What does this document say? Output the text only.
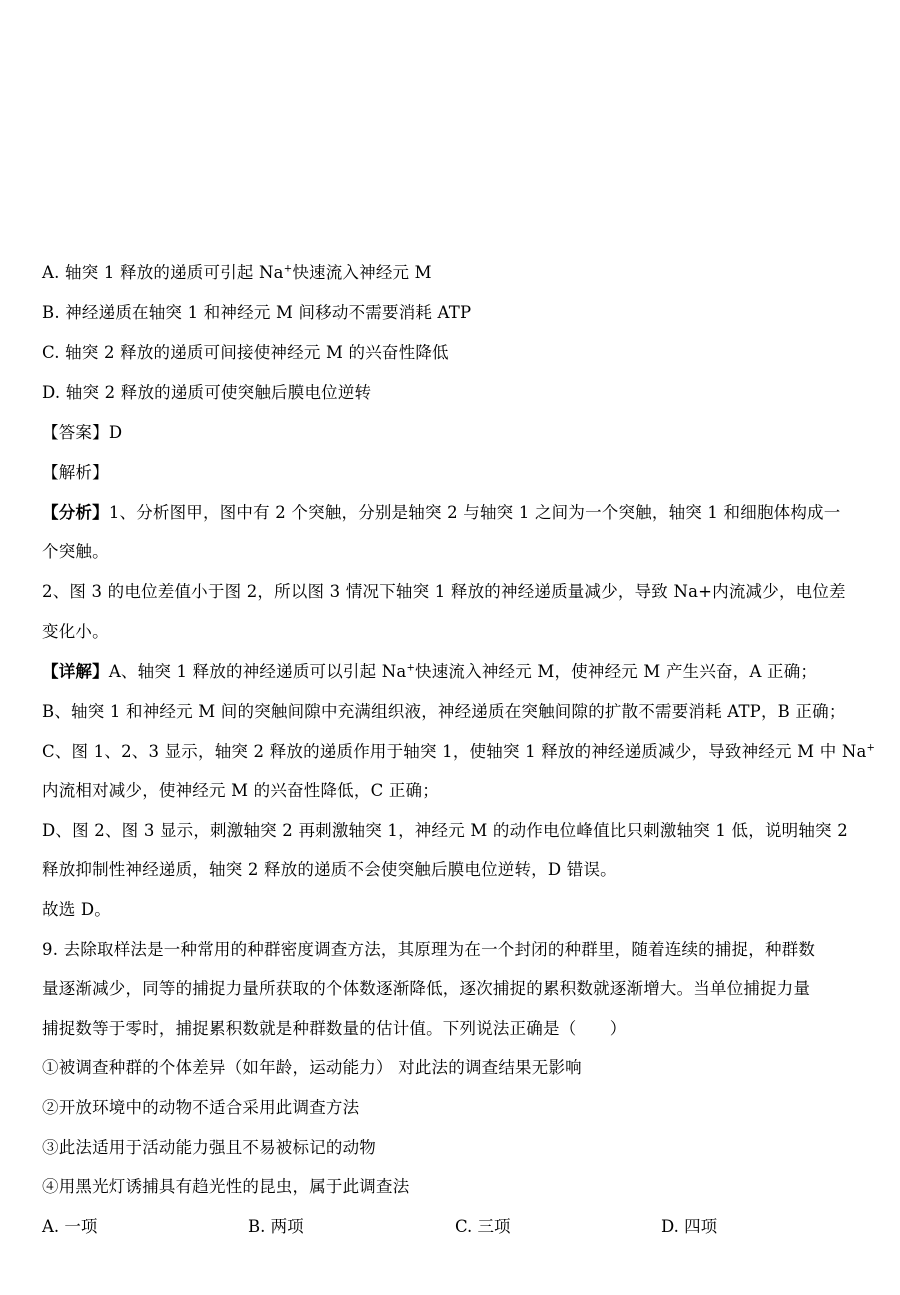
A. 轴突 1 释放的递质可引起 Na+快速流入神经元 M
B. 神经递质在轴突 1 和神经元 M 间移动不需要消耗 ATP
C. 轴突 2 释放的递质可间接使神经元 M 的兴奋性降低
D. 轴突 2 释放的递质可使突触后膜电位逆转
【答案】D
【解析】
【分析】1、分析图甲，图中有 2 个突触，分别是轴突 2 与轴突 1 之间为一个突触，轴突 1 和细胞体构成一
个突触。
2、图 3 的电位差值小于图 2，所以图 3 情况下轴突 1 释放的神经递质量减少，导致 Na+内流减少，电位差
变化小。
【详解】A、轴突 1 释放的神经递质可以引起 Na+快速流入神经元 M，使神经元 M 产生兴奋，A 正确；
B、轴突 1 和神经元 M 间的突触间隙中充满组织液，神经递质在突触间隙的扩散不需要消耗 ATP，B 正确；
C、图 1、2、3 显示，轴突 2 释放的递质作用于轴突 1，使轴突 1 释放的神经递质减少，导致神经元 M 中 Na+
内流相对减少，使神经元 M 的兴奋性降低，C 正确；
D、图 2、图 3 显示，刺激轴突 2 再刺激轴突 1，神经元 M 的动作电位峰值比只刺激轴突 1 低，说明轴突 2
释放抑制性神经递质，轴突 2 释放的递质不会使突触后膜电位逆转，D 错误。
故选 D。
9. 去除取样法是一种常用的种群密度调查方法，其原理为在一个封闭的种群里，随着连续的捕捉，种群数
量逐渐减少，同等的捕捉力量所获取的个体数逐渐降低，逐次捕捉的累积数就逐渐增大。当单位捕捉力量
捕捉数等于零时，捕捉累积数就是种群数量的估计值。下列说法正确是（　　）
①被调查种群的个体差异（如年龄，运动能力） 对此法的调查结果无影响
②开放环境中的动物不适合采用此调查方法
③此法适用于活动能力强且不易被标记的动物
④用黑光灯诱捕具有趋光性的昆虫，属于此调查法
A. 一项	B. 两项	C. 三项	D. 四项
